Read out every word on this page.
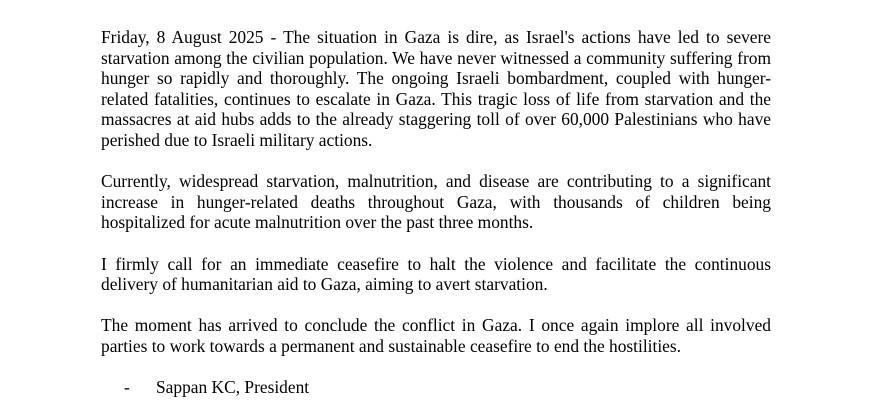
Friday, 8 August 2025 - The situation in Gaza is dire, as Israel's actions have led to severe starvation among the civilian population. We have never witnessed a community suffering from hunger so rapidly and thoroughly. The ongoing Israeli bombardment, coupled with hunger-related fatalities, continues to escalate in Gaza. This tragic loss of life from starvation and the massacres at aid hubs adds to the already staggering toll of over 60,000 Palestinians who have perished due to Israeli military actions.

Currently, widespread starvation, malnutrition, and disease are contributing to a significant increase in hunger-related deaths throughout Gaza, with thousands of children being hospitalized for acute malnutrition over the past three months.

I firmly call for an immediate ceasefire to halt the violence and facilitate the continuous delivery of humanitarian aid to Gaza, aiming to avert starvation.

The moment has arrived to conclude the conflict in Gaza. I once again implore all involved parties to work towards a permanent and sustainable ceasefire to end the hostilities.

-	Sappan KC, President
